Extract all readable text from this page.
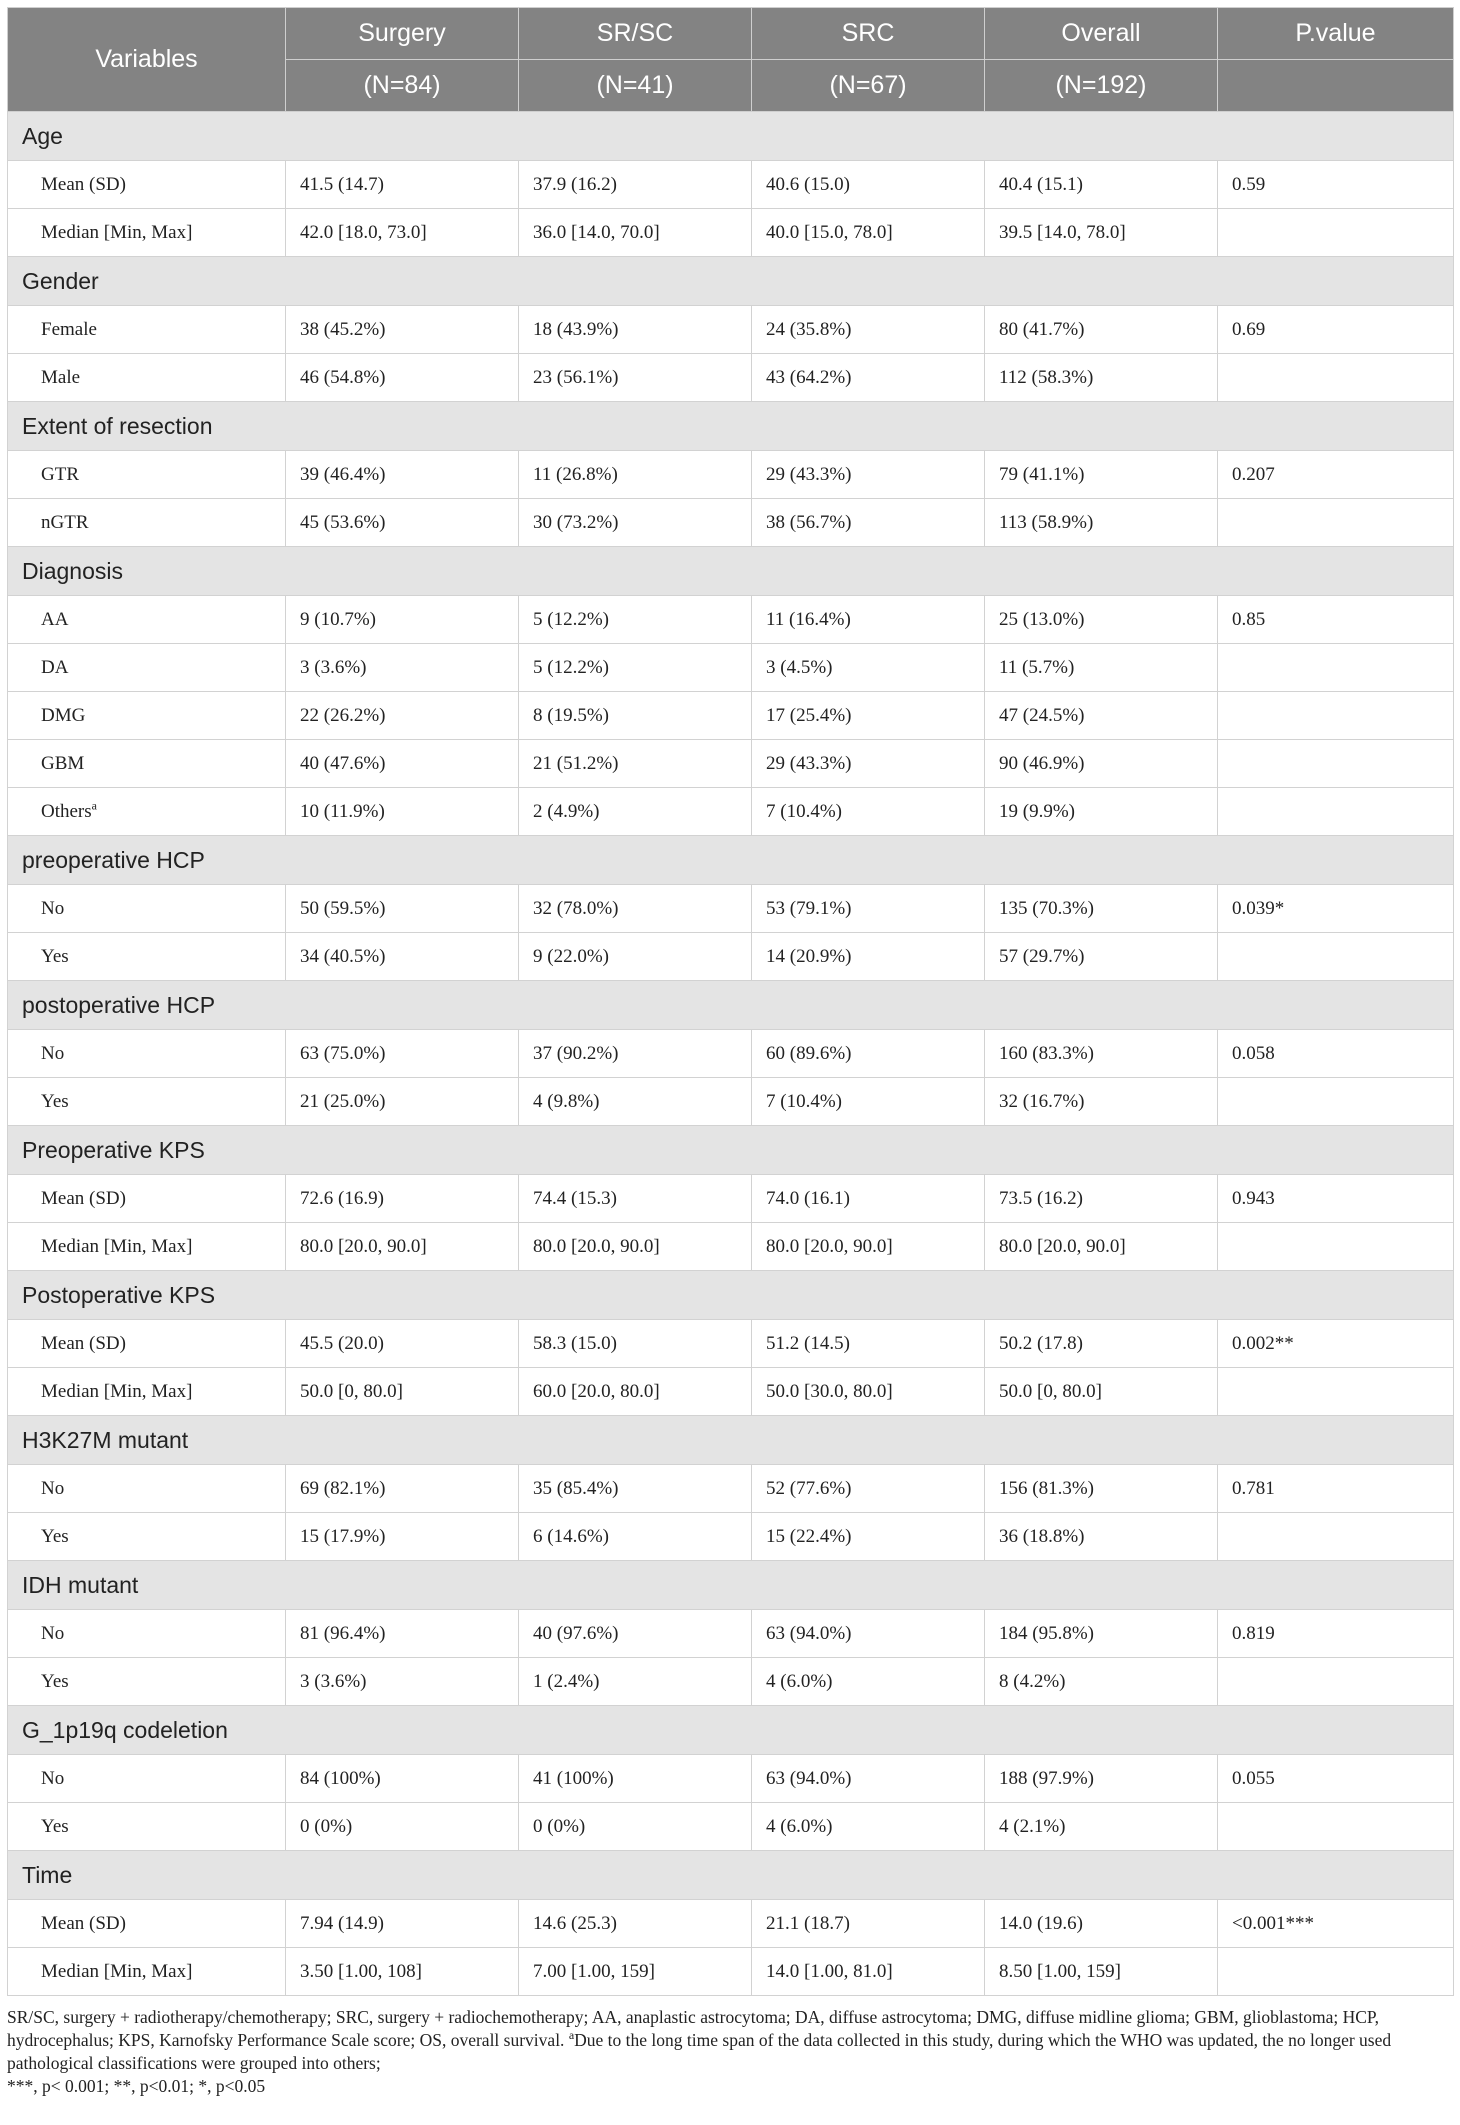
Variables	Surgery	SR/SC	SRC	Overall	P.value
	(N=84)	(N=41)	(N=67)	(N=192)	
Age					
Mean (SD)	41.5 (14.7)	37.9 (16.2)	40.6 (15.0)	40.4 (15.1)	0.59
Median [Min, Max]	42.0 [18.0, 73.0]	36.0 [14.0, 70.0]	40.0 [15.0, 78.0]	39.5 [14.0, 78.0]	
Gender					
Female	38 (45.2%)	18 (43.9%)	24 (35.8%)	80 (41.7%)	0.69
Male	46 (54.8%)	23 (56.1%)	43 (64.2%)	112 (58.3%)	
Extent of resection					
GTR	39 (46.4%)	11 (26.8%)	29 (43.3%)	79 (41.1%)	0.207
nGTR	45 (53.6%)	30 (73.2%)	38 (56.7%)	113 (58.9%)	
Diagnosis					
AA	9 (10.7%)	5 (12.2%)	11 (16.4%)	25 (13.0%)	0.85
DA	3 (3.6%)	5 (12.2%)	3 (4.5%)	11 (5.7%)	
DMG	22 (26.2%)	8 (19.5%)	17 (25.4%)	47 (24.5%)	
GBM	40 (47.6%)	21 (51.2%)	29 (43.3%)	90 (46.9%)	
Others$^a$	10 (11.9%)	2 (4.9%)	7 (10.4%)	19 (9.9%)	
preoperative HCP					
No	50 (59.5%)	32 (78.0%)	53 (79.1%)	135 (70.3%)	0.039*
Yes	34 (40.5%)	9 (22.0%)	14 (20.9%)	57 (29.7%)	
postoperative HCP					
No	63 (75.0%)	37 (90.2%)	60 (89.6%)	160 (83.3%)	0.058
Yes	21 (25.0%)	4 (9.8%)	7 (10.4%)	32 (16.7%)	
Preoperative KPS					
Mean (SD)	72.6 (16.9)	74.4 (15.3)	74.0 (16.1)	73.5 (16.2)	0.943
Median [Min, Max]	80.0 [20.0, 90.0]	80.0 [20.0, 90.0]	80.0 [20.0, 90.0]	80.0 [20.0, 90.0]	
Postoperative KPS					
Mean (SD)	45.5 (20.0)	58.3 (15.0)	51.2 (14.5)	50.2 (17.8)	0.002**
Median [Min, Max]	50.0 [0, 80.0]	60.0 [20.0, 80.0]	50.0 [30.0, 80.0]	50.0 [0, 80.0]	
H3K27M mutant					
No	69 (82.1%)	35 (85.4%)	52 (77.6%)	156 (81.3%)	0.781
Yes	15 (17.9%)	6 (14.6%)	15 (22.4%)	36 (18.8%)	
IDH mutant					
No	81 (96.4%)	40 (97.6%)	63 (94.0%)	184 (95.8%)	0.819
Yes	3 (3.6%)	1 (2.4%)	4 (6.0%)	8 (4.2%)	
G_1p19q codeletion					
No	84 (100%)	41 (100%)	63 (94.0%)	188 (97.9%)	0.055
Yes	0 (0%)	0 (0%)	4 (6.0%)	4 (2.1%)	
Time					
Mean (SD)	7.94 (14.9)	14.6 (25.3)	21.1 (18.7)	14.0 (19.6)	<0.001***
Median [Min, Max]	3.50 [1.00, 108]	7.00 [1.00, 159]	14.0 [1.00, 81.0]	8.50 [1.00, 159]	
SR/SC, surgery + radiotherapy/chemotherapy; SRC, surgery + radiochemotherapy; AA, anaplastic astrocytoma; DA, diffuse astrocytoma; DMG, diffuse midline glioma; GBM, glioblastoma; HCP, hydrocephalus; KPS, Karnofsky Performance Scale score; OS, overall survival. $^a$Due to the long time span of the data collected in this study, during which the WHO was updated, the no longer used pathological classifications were grouped into others;
***, p< 0.001; **, p<0.01; *, p<0.05
